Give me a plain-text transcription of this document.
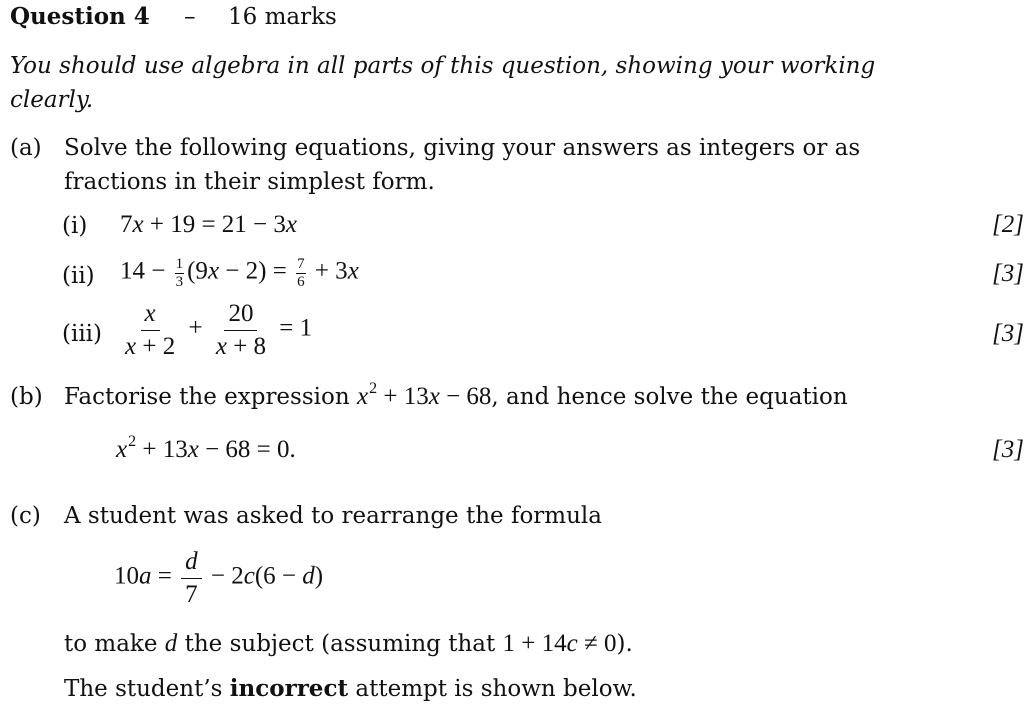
Question 4 – 16 marks
You should use algebra in all parts of this question, showing your working
clearly.
(a) Solve the following equations, giving your answers as integers or as
fractions in their simplest form.
(i) 7x + 19 = 21 − 3x	[2]
(ii) $14 - \frac{1}{3} (9x - 2) = \frac{7}{6} + 3x$	[3]
$(iii) \frac{x}{x + 2} + \frac{20}{x + 8} = 1$	[3]
(b) Factorise the expression $x^2 + 13x - 68$, and hence solve the equation
$x^2 + 13x - 68 = 0$.	[3]
(c) A student was asked to rearrange the formula
$10a = \frac{d}{7} - 2c(6 - d)$
to make d the subject (assuming that 1 + 14c ≠ 0).
The student’s incorrect attempt is shown below.
